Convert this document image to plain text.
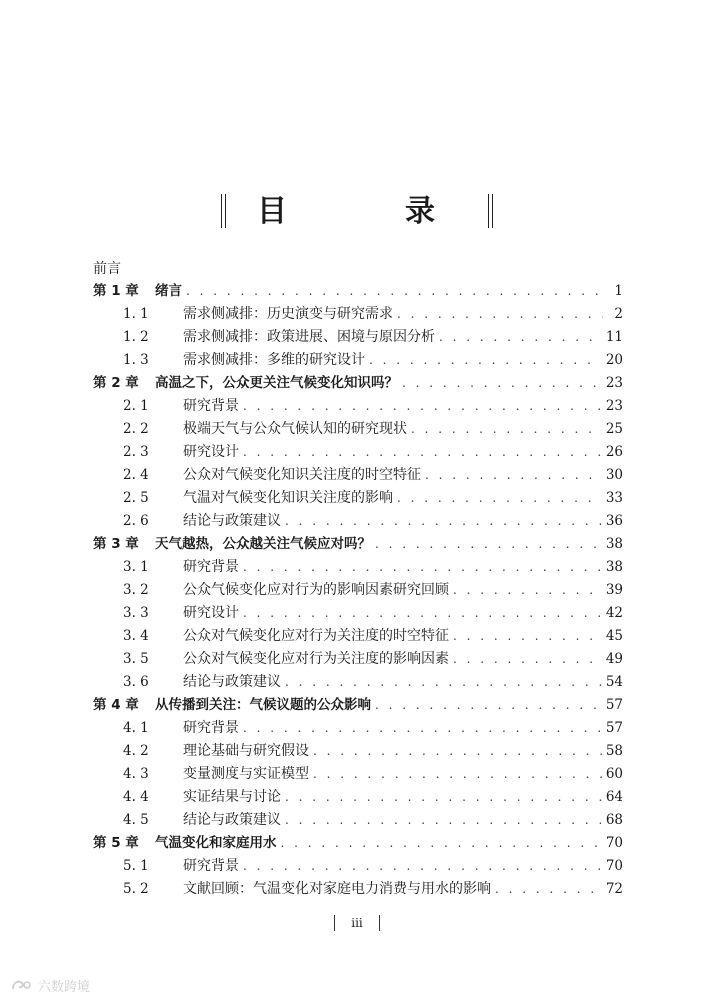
目　录
前言
第 1 章	绪言 . . .	1
1. 1	需求侧减排：历史演变与研究需求 . . .	2
1. 2	需求侧减排：政策进展、困境与原因分析 . . .	11
1. 3	需求侧减排：多维的研究设计 . . .	20
第 2 章	高温之下，公众更关注气候变化知识吗？ . . .	23
2. 1	研究背景 . . .	23
2. 2	极端天气与公众气候认知的研究现状 . . .	25
2. 3	研究设计 . . .	26
2. 4	公众对气候变化知识关注度的时空特征 . . .	30
2. 5	气温对气候变化知识关注度的影响 . . .	33
2. 6	结论与政策建议 . . .	36
第 3 章	天气越热，公众越关注气候应对吗？ . . .	38
3. 1	研究背景 . . .	38
3. 2	公众气候变化应对行为的影响因素研究回顾 . . .	39
3. 3	研究设计 . . .	42
3. 4	公众对气候变化应对行为关注度的时空特征 . . .	45
3. 5	公众对气候变化应对行为关注度的影响因素 . . .	49
3. 6	结论与政策建议 . . .	54
第 4 章	从传播到关注：气候议题的公众影响 . . .	57
4. 1	研究背景 . . .	57
4. 2	理论基础与研究假设 . . .	58
4. 3	变量测度与实证模型 . . .	60
4. 4	实证结果与讨论 . . .	64
4. 5	结论与政策建议 . . .	68
第 5 章	气温变化和家庭用水 . . .	70
5. 1	研究背景 . . .	70
5. 2	文献回顾：气温变化对家庭电力消费与用水的影响 . . .	72
iii
六数跨境
